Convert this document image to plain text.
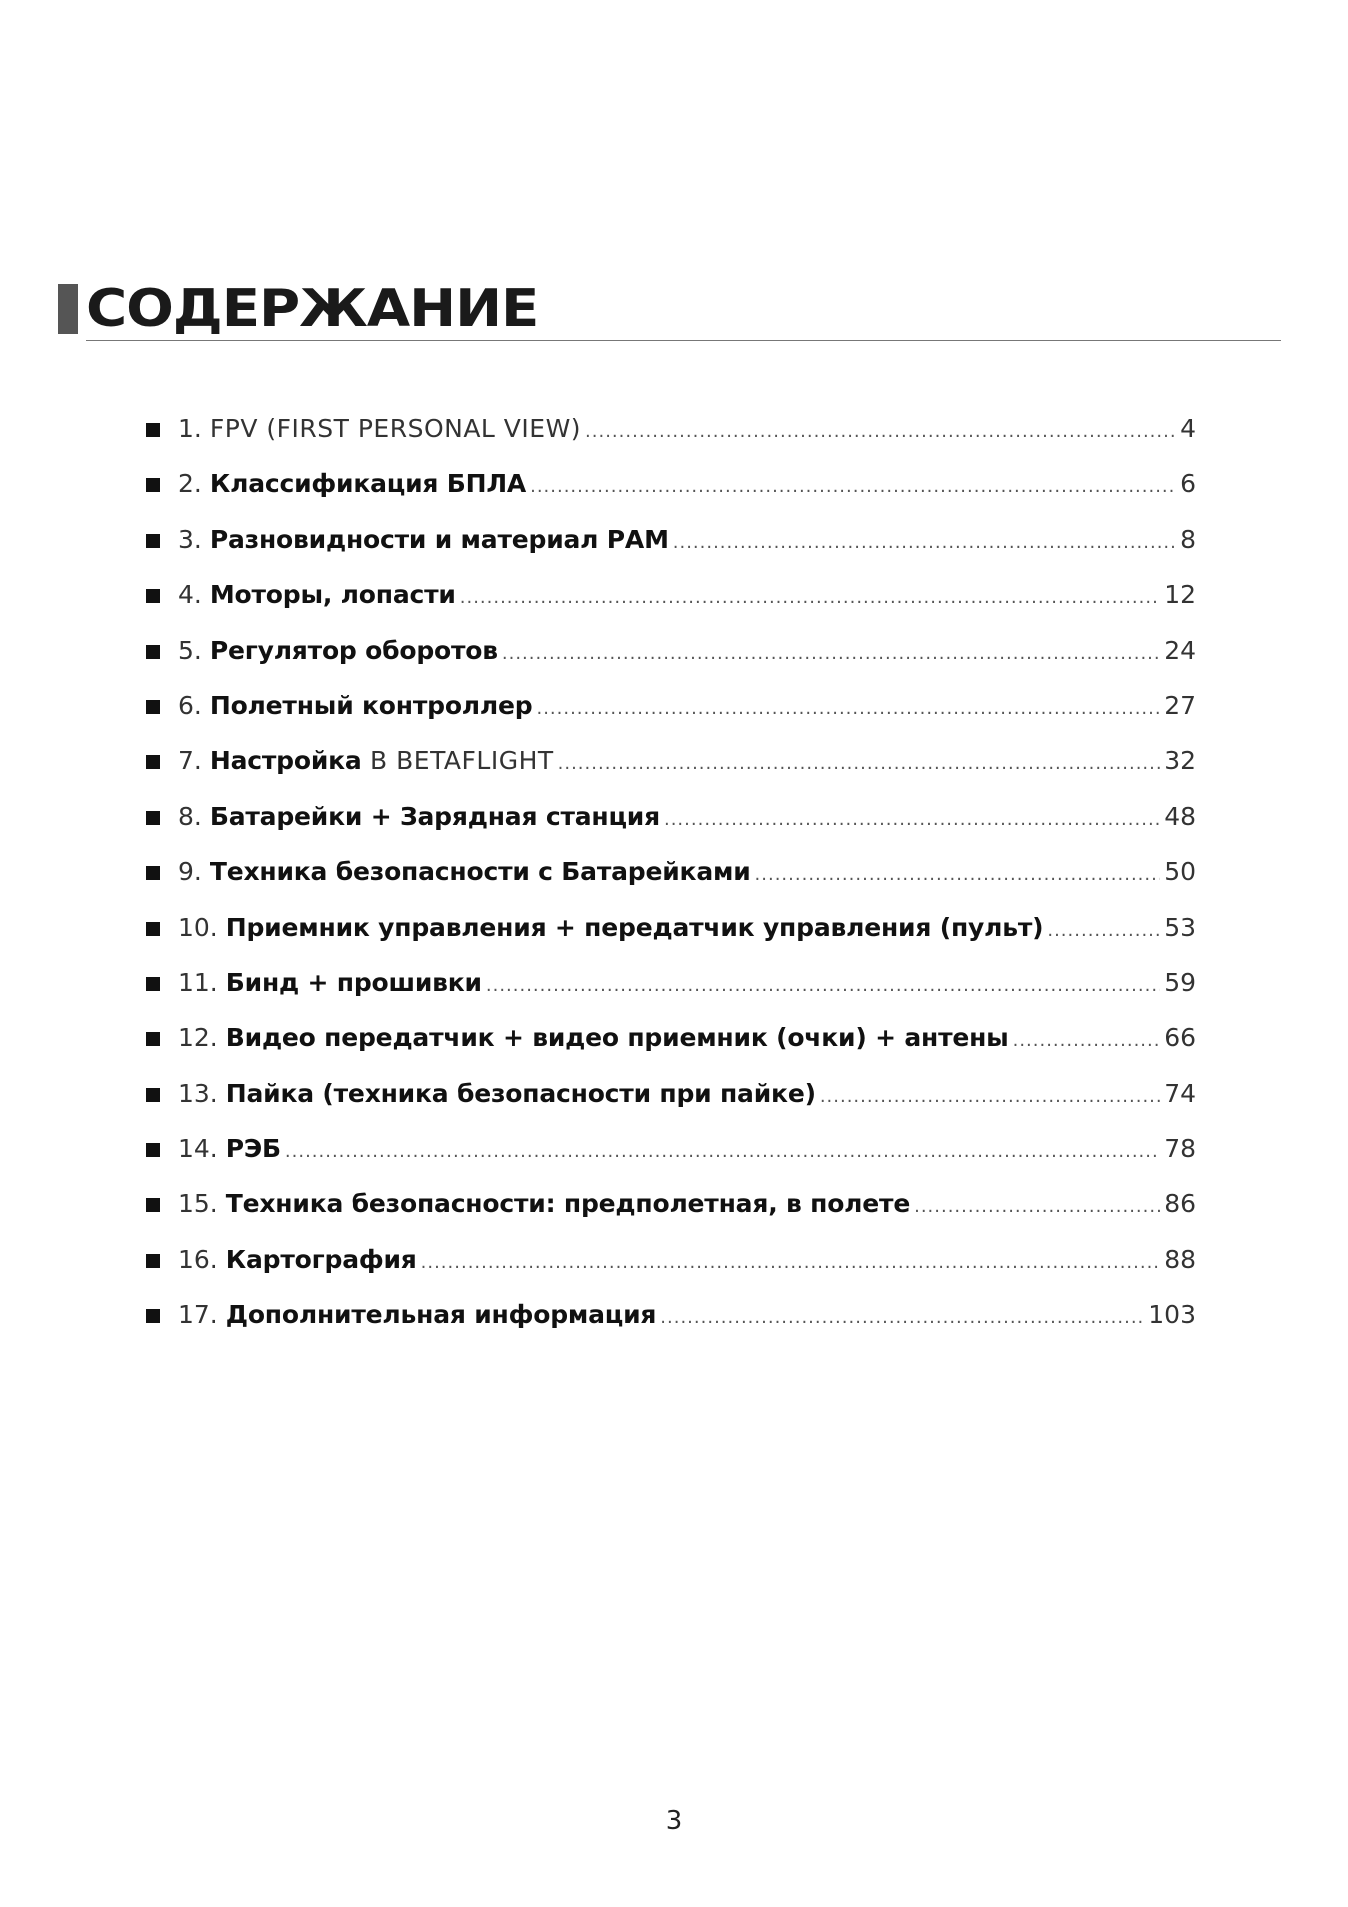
СОДЕРЖАНИЕ
1. FPV (FIRST PERSONAL VIEW) .....	4
2. Классификация БПЛА .....	6
3. Разновидности и материал РАМ .....	8
4. Моторы, лопасти .....	12
5. Регулятор оборотов .....	24
6. Полетный контроллер .....	27
7. Настройка В BETAFLIGHT .....	32
8. Батарейки + Зарядная станция .....	48
9. Техника безопасности с Батарейками .....	50
10. Приемник управления + передатчик управления (пульт) .....	53
11. Бинд + прошивки .....	59
12. Видео передатчик + видео приемник (очки) + антены .....	66
13. Пайка (техника безопасности при пайке) .....	74
14. РЭБ .....	78
15. Техника безопасности: предполетная, в полете .....	86
16. Картография .....	88
17. Дополнительная информация .....	103
3
